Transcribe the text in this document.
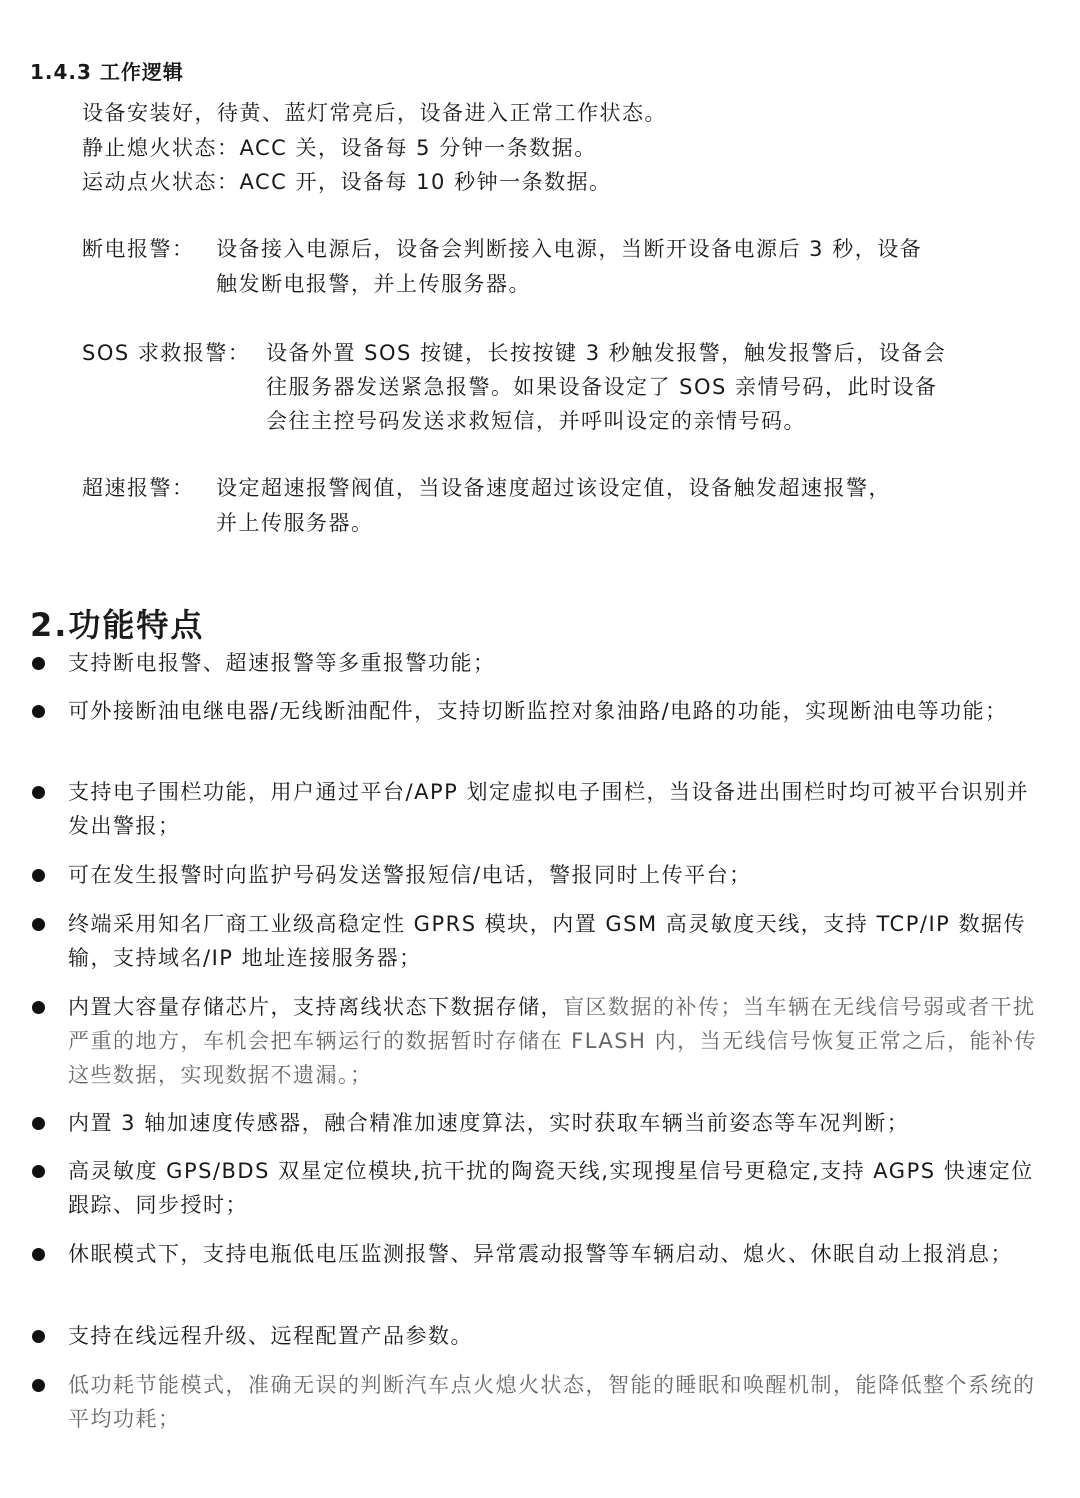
1.4.3 工作逻辑
设备安装好，待黄、蓝灯常亮后，设备进入正常工作状态。
静止熄火状态：ACC 关，设备每 5 分钟一条数据。
运动点火状态：ACC 开，设备每 10 秒钟一条数据。
断电报警： 设备接入电源后，设备会判断接入电源，当断开设备电源后 3 秒，设备
触发断电报警，并上传服务器。
SOS 求救报警： 设备外置 SOS 按键，长按按键 3 秒触发报警，触发报警后，设备会
往服务器发送紧急报警。如果设备设定了 SOS 亲情号码，此时设备
会往主控号码发送求救短信，并呼叫设定的亲情号码。
超速报警： 设定超速报警阀值，当设备速度超过该设定值，设备触发超速报警，
并上传服务器。
2.功能特点
支持断电报警、超速报警等多重报警功能；
可外接断油电继电器/无线断油配件，支持切断监控对象油路/电路的功能，实现断油电等功能；
支持电子围栏功能，用户通过平台/APP 划定虚拟电子围栏，当设备进出围栏时均可被平台识别并发出警报；
可在发生报警时向监护号码发送警报短信/电话，警报同时上传平台；
终端采用知名厂商工业级高稳定性 GPRS 模块，内置 GSM 高灵敏度天线，支持 TCP/IP 数据传输，支持域名/IP 地址连接服务器；
内置大容量存储芯片，支持离线状态下数据存储，盲区数据的补传；当车辆在无线信号弱或者干扰严重的地方，车机会把车辆运行的数据暂时存储在 FLASH 内，当无线信号恢复正常之后，能补传这些数据，实现数据不遗漏。；
内置 3 轴加速度传感器，融合精准加速度算法，实时获取车辆当前姿态等车况判断；
高灵敏度 GPS/BDS 双星定位模块,抗干扰的陶瓷天线,实现搜星信号更稳定,支持 AGPS 快速定位跟踪、同步授时；
休眠模式下，支持电瓶低电压监测报警、异常震动报警等车辆启动、熄火、休眠自动上报消息；
支持在线远程升级、远程配置产品参数。
低功耗节能模式，准确无误的判断汽车点火熄火状态，智能的睡眠和唤醒机制，能降低整个系统的平均功耗；
